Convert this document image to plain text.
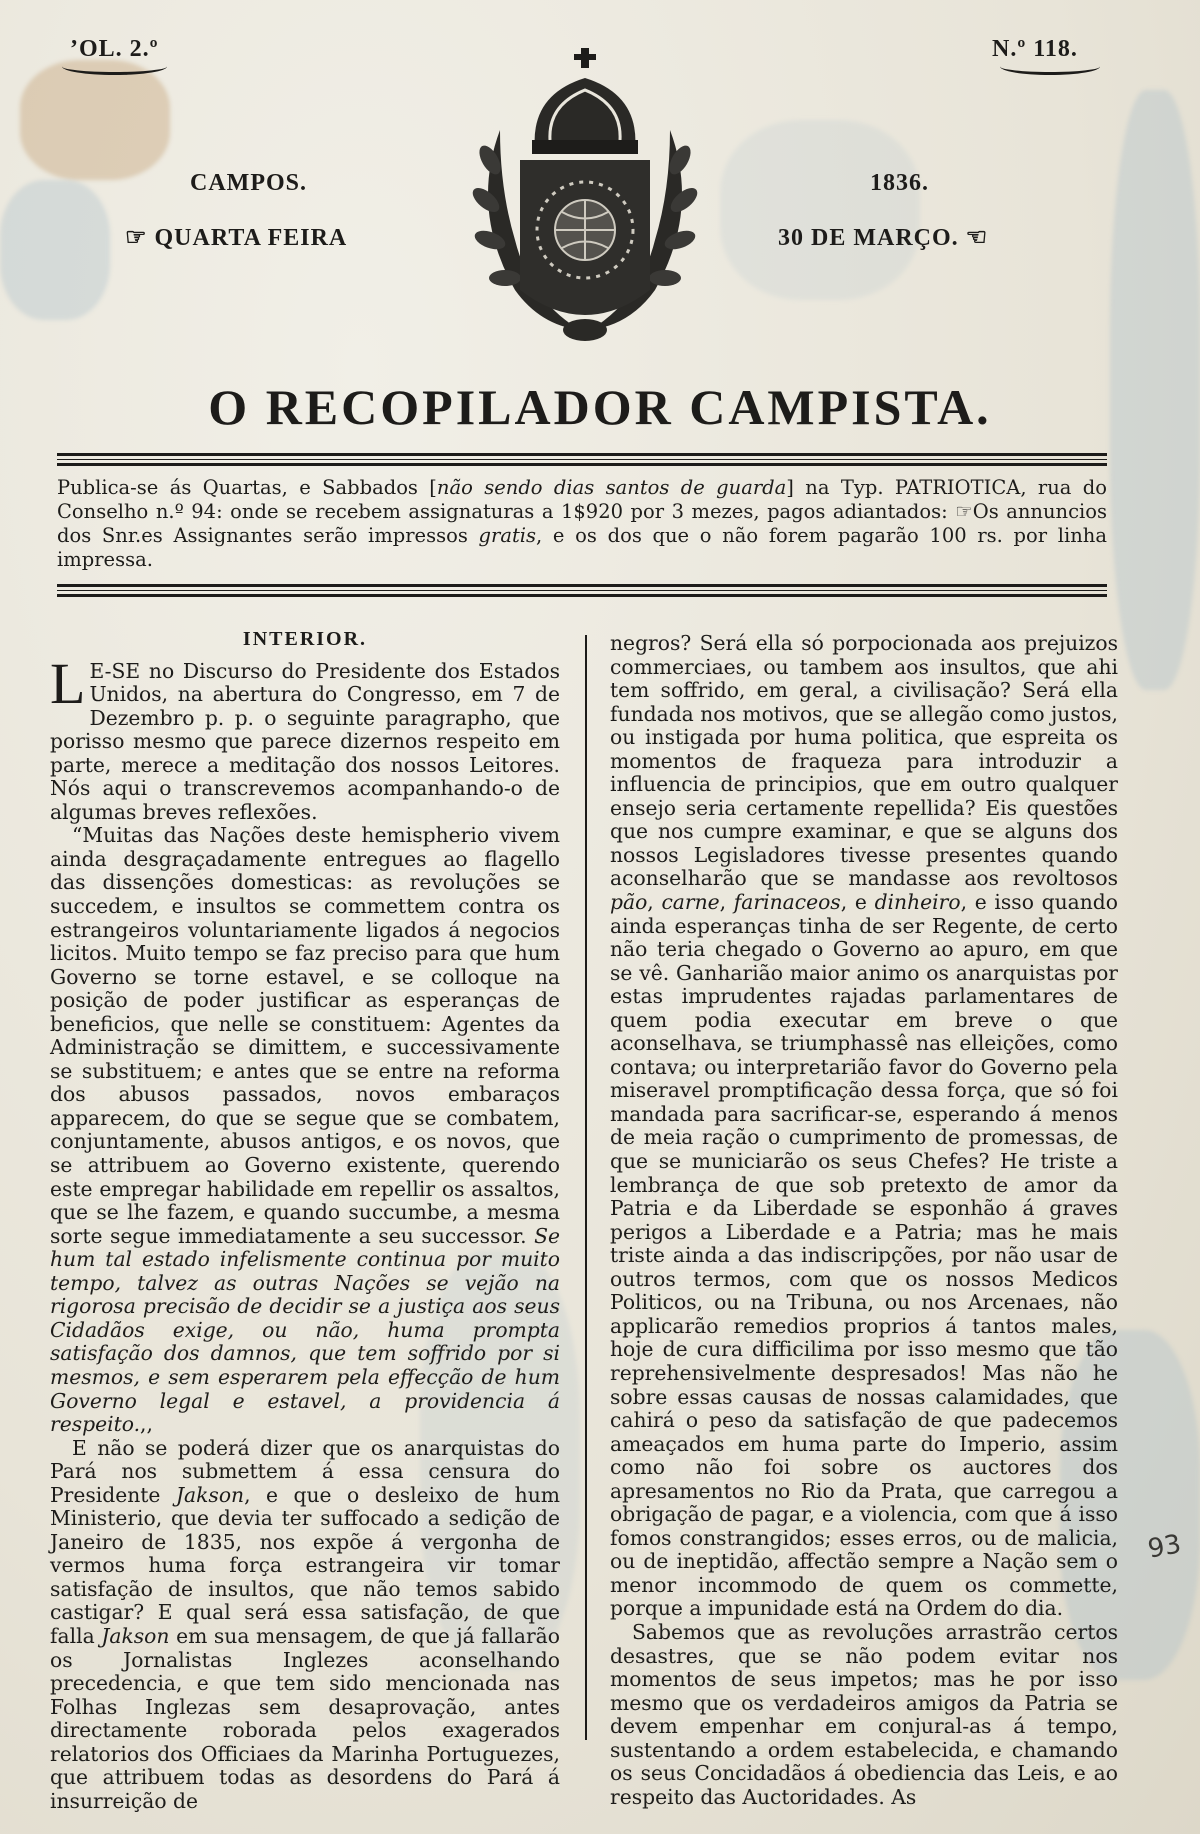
ʼOL. 2.º	N.º 118.
CAMPOS.
☞ QUARTA FEIRA
1836.
30 DE MARÇO. ☜
O RECOPILADOR CAMPISTA.
Publica-se ás Quartas, e Sabbados [não sendo dias santos de guarda] na Typ. PATRIOTICA, rua do Conselho n.º 94: onde se recebem assignaturas a 1$920 por 3 mezes, pagos adiantados: ☞Os annuncios dos Snr.es Assignantes serão impressos gratis, e os dos que o não forem pagarão 100 rs. por linha impressa.
INTERIOR.

L E-SE no Discurso do Presidente dos Estados Unidos, na abertura do Congresso, em 7 de Dezembro p. p. o seguinte paragrapho, que porisso mesmo que parece dizernos respeito em parte, merece a meditação dos nossos Leitores. Nós aqui o transcrevemos acompanhando-o de algumas breves reflexões.

“Muitas das Nações deste hemispherio vivem ainda desgraçadamente entregues ao flagello das dissenções domesticas: as revoluções se succedem, e insultos se commettem contra os estrangeiros voluntariamente ligados á negocios licitos. Muito tempo se faz preciso para que hum Governo se torne estavel, e se colloque na posição de poder justificar as esperanças de beneficios, que nelle se constituem: Agentes da Administração se dimittem, e successivamente se substituem; e antes que se entre na reforma dos abusos passados, novos embaraços apparecem, do que se segue que se combatem, conjuntamente, abusos antigos, e os novos, que se attribuem ao Governo existente, querendo este empregar habilidade em repellir os assaltos, que se lhe fazem, e quando succumbe, a mesma sorte segue immediatamente a seu successor. Se hum tal estado infelismente continua por muito tempo, talvez as outras Nações se vejão na rigorosa precisão de decidir se a justiça aos seus Cidadãos exige, ou não, huma prompta satisfação dos damnos, que tem soffrido por si mesmos, e sem esperarem pela effecção de hum Governo legal e estavel, a providencia á respeito.,,

E não se poderá dizer que os anarquistas do Pará nos submettem á essa censura do Presidente Jakson, e que o desleixo de hum Ministerio, que devia ter suffocado a sedição de Janeiro de 1835, nos expõe á vergonha de vermos huma força estrangeira vir tomar satisfação de insultos, que não temos sabido castigar? E qual será essa satisfação, de que falla Jakson em sua mensagem, de que já fallarão os Jornalistas Inglezes aconselhando precedencia, e que tem sido mencionada nas Folhas Inglezas sem desaprovação, antes directamente roborada pelos exagerados relatorios dos Officiaes da Marinha Portuguezes, que attribuem todas as desordens do Pará á insurreição de

negros? Será ella só porpocionada aos prejuizos commerciaes, ou tambem aos insultos, que ahi tem soffrido, em geral, a civilisação? Será ella fundada nos motivos, que se allegão como justos, ou instigada por huma politica, que espreita os momentos de fraqueza para introduzir a influencia de principios, que em outro qualquer ensejo seria certamente repellida? Eis questões que nos cumpre examinar, e que se alguns dos nossos Legisladores tivesse presentes quando aconselharão que se mandasse aos revoltosos pão, carne, farinaceos, e dinheiro, e isso quando ainda esperanças tinha de ser Regente, de certo não teria chegado o Governo ao apuro, em que se vê. Ganharião maior animo os anarquistas por estas imprudentes rajadas parlamentares de quem podia executar em breve o que aconselhava, se triumphassê nas elleições, como contava; ou interpretarião favor do Governo pela miseravel promptificação dessa força, que só foi mandada para sacrificar-se, esperando á menos de meia ração o cumprimento de promessas, de que se municiarão os seus Chefes? He triste a lembrança de que sob pretexto de amor da Patria e da Liberdade se esponhão á graves perigos a Liberdade e a Patria; mas he mais triste ainda a das indiscripções, por não usar de outros termos, com que os nossos Medicos Politicos, ou na Tribuna, ou nos Arcenaes, não applicarão remedios proprios á tantos males, hoje de cura difficilima por isso mesmo que tão reprehensivelmente despresados! Mas não he sobre essas causas de nossas calamidades, que cahirá o peso da satisfação de que padecemos ameaçados em huma parte do Imperio, assim como não foi sobre os auctores dos apresamentos no Rio da Prata, que carregou a obrigação de pagar, e a violencia, com que á isso fomos constrangidos; esses erros, ou de malicia, ou de ineptidão, affectão sempre a Nação sem o menor incommodo de quem os commette, porque a impunidade está na Ordem do dia.

Sabemos que as revoluções arrastrão certos desastres, que se não podem evitar nos momentos de seus impetos; mas he por isso mesmo que os verdadeiros amigos da Patria se devem empenhar em conjural-as á tempo, sustentando a ordem estabelecida, e chamando os seus Concidadãos á obediencia das Leis, e ao respeito das Auctoridades. As

93
